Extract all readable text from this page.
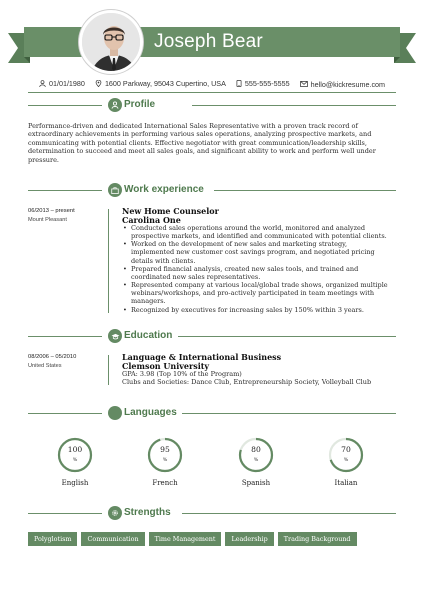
Joseph Bear
01/01/1980
	1600 Parkway, 95043 Cupertino, USA
	555-555-5555
	hello@kickresume.com
Profile
Performance-driven and dedicated International Sales Representative with a proven track record of extraordinary achievements in performing various sales operations, analyzing prospective markets, and communicating with potential clients. Effective negotiator with great communication/leadership skills, determination to succeed and meet all sales goals, and significant ability to work and perform well under pressure.
Work experience
06/2013 – present
Mount Pleasant
New Home Counselor
Carolina One
• Conducted sales operations around the world, monitored and analyzed prospective markets, and identified and communicated with potential clients.
• Worked on the development of new sales and marketing strategy, implemented new customer cost savings program, and negotiated pricing details with clients.
• Prepared financial analysis, created new sales tools, and trained and coordinated new sales representatives.
• Represented company at various local/global trade shows, organized multiple webinars/workshops, and pro-actively participated in team meetings with managers.
• Recognized by executives for increasing sales by 150% within 3 years.
Education
08/2006 – 05/2010
United States
Language & International Business
Clemson University
GPA: 3.98 (Top 10% of the Program)
Clubs and Societies: Dance Club, Entrepreneurship Society, Volleyball Club
Languages
100
%
English
95
%
French
80
%
Spanish
70
%
Italian
Strengths
Polyglotism	Communication	Time Management	Leadership	Trading Background
